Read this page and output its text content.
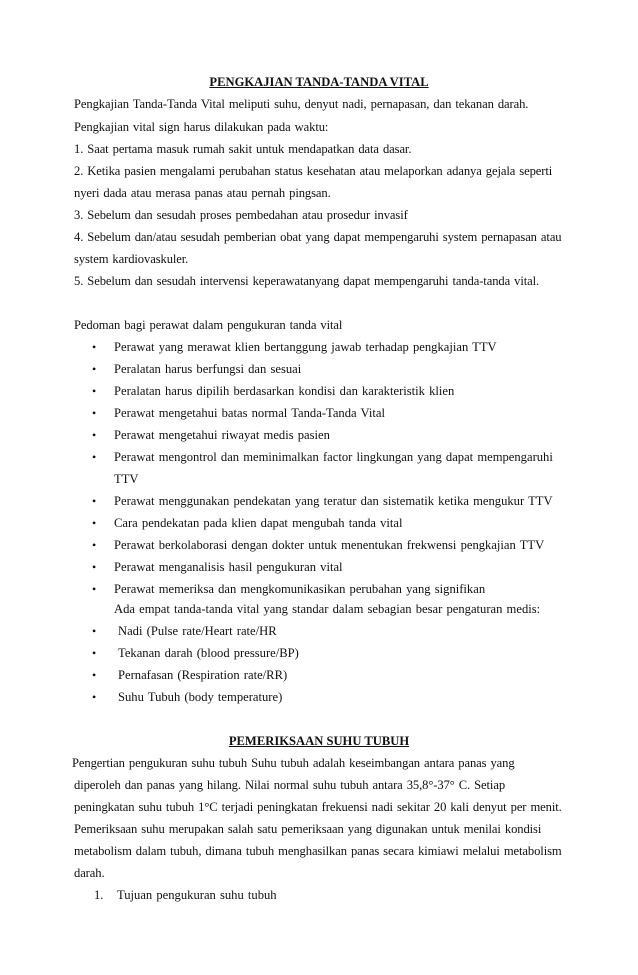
PENGKAJIAN TANDA-TANDA VITAL
Pengkajian Tanda-Tanda Vital meliputi suhu, denyut nadi, pernapasan, dan tekanan darah.
Pengkajian vital sign harus dilakukan pada waktu:
1. Saat pertama masuk rumah sakit untuk mendapatkan data dasar.
2. Ketika pasien mengalami perubahan status kesehatan atau melaporkan adanya gejala seperti
nyeri dada atau merasa panas atau pernah pingsan.
3. Sebelum dan sesudah proses pembedahan atau prosedur invasif
4. Sebelum dan/atau sesudah pemberian obat yang dapat mempengaruhi system pernapasan atau
system kardiovaskuler.
5. Sebelum dan sesudah intervensi keperawatanyang dapat mempengaruhi tanda-tanda vital.
Pedoman bagi perawat dalam pengukuran tanda vital
• Perawat yang merawat klien bertanggung jawab terhadap pengkajian TTV
• Peralatan harus berfungsi dan sesuai
• Peralatan harus dipilih berdasarkan kondisi dan karakteristik klien
• Perawat mengetahui batas normal Tanda-Tanda Vital
• Perawat mengetahui riwayat medis pasien
• Perawat mengontrol dan meminimalkan factor lingkungan yang dapat mempengaruhi
TTV
• Perawat menggunakan pendekatan yang teratur dan sistematik ketika mengukur TTV
• Cara pendekatan pada klien dapat mengubah tanda vital
• Perawat berkolaborasi dengan dokter untuk menentukan frekwensi pengkajian TTV
• Perawat menganalisis hasil pengukuran vital
• Perawat memeriksa dan mengkomunikasikan perubahan yang signifikan
Ada empat tanda-tanda vital yang standar dalam sebagian besar pengaturan medis:
• Nadi (Pulse rate/Heart rate/HR
• Tekanan darah (blood pressure/BP)
• Pernafasan (Respiration rate/RR)
• Suhu Tubuh (body temperature)
PEMERIKSAAN SUHU TUBUH
Pengertian pengukuran suhu tubuh Suhu tubuh adalah keseimbangan antara panas yang
diperoleh dan panas yang hilang. Nilai normal suhu tubuh antara 35,8°-37° C. Setiap
peningkatan suhu tubuh 1°C terjadi peningkatan frekuensi nadi sekitar 20 kali denyut per menit.
Pemeriksaan suhu merupakan salah satu pemeriksaan yang digunakan untuk menilai kondisi
metabolism dalam tubuh, dimana tubuh menghasilkan panas secara kimiawi melalui metabolism
darah.
1. Tujuan pengukuran suhu tubuh
